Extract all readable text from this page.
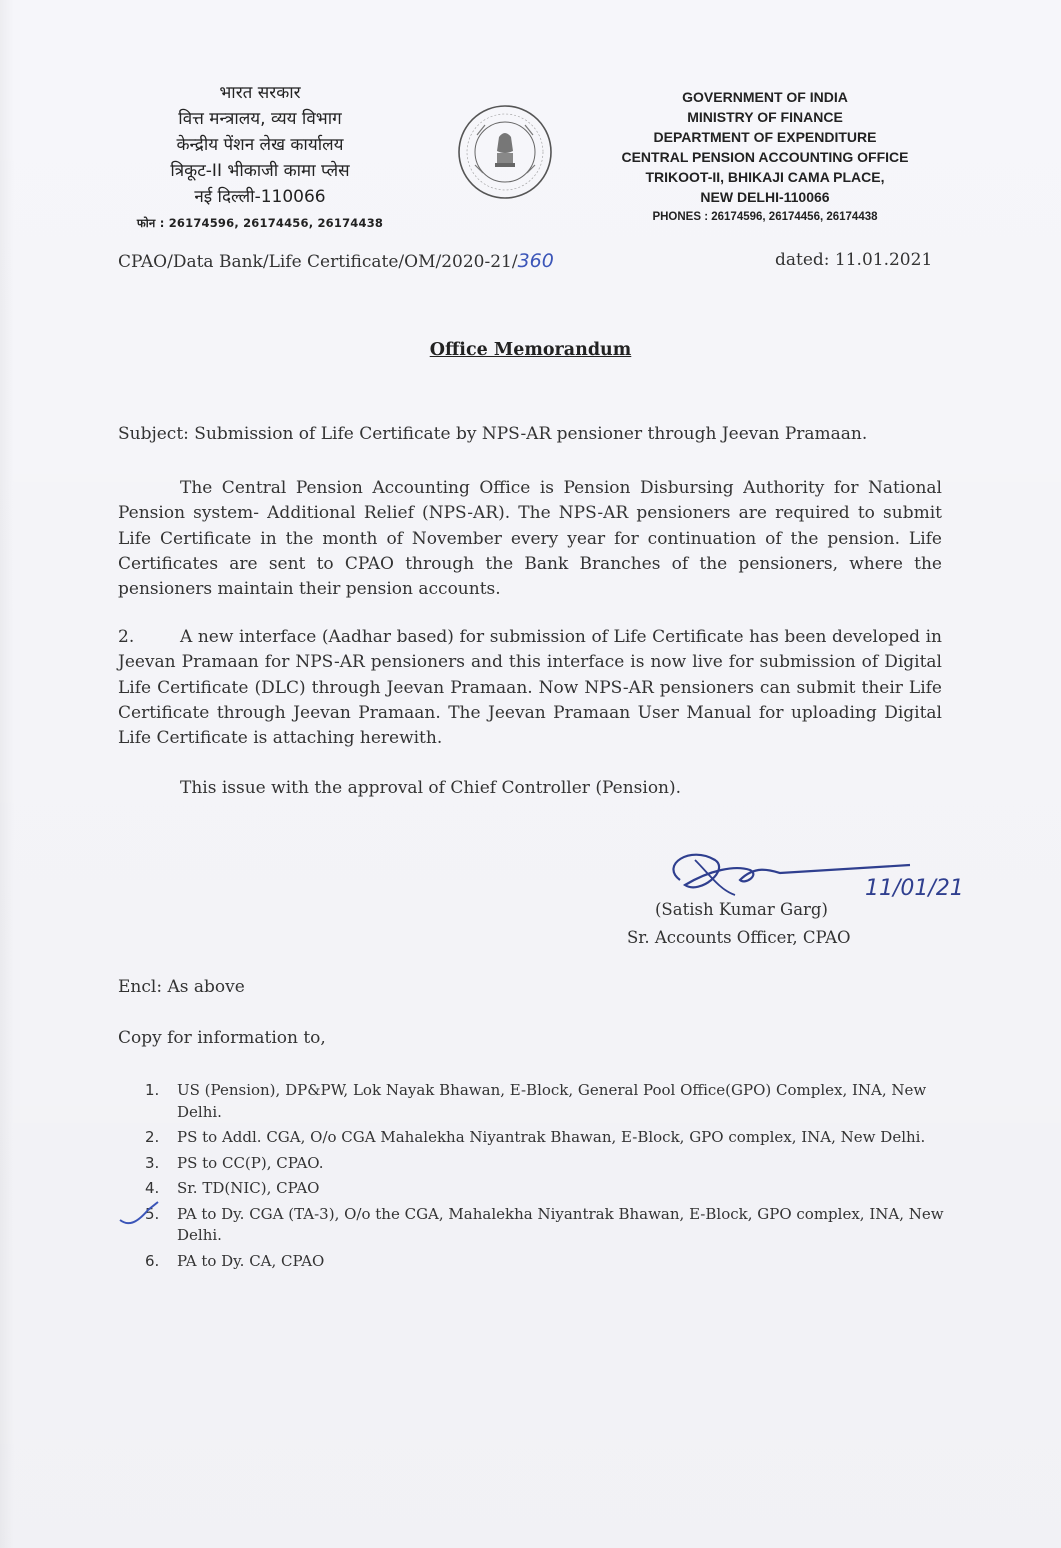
भारत सरकार
वित्त मन्त्रालय, व्यय विभाग
केन्द्रीय पेंशन लेख कार्यालय
त्रिकूट-II भीकाजी कामा प्लेस
नई दिल्ली-110066
फोन : 26174596, 26174456, 26174438
GOVERNMENT OF INDIA
MINISTRY OF FINANCE
DEPARTMENT OF EXPENDITURE
CENTRAL PENSION ACCOUNTING OFFICE
TRIKOOT-II, BHIKAJI CAMA PLACE,
NEW DELHI-110066
PHONES : 26174596, 26174456, 26174438
CPAO/Data Bank/Life Certificate/OM/2020-21/360	dated: 11.01.2021
Office Memorandum
Subject: Submission of Life Certificate by NPS-AR pensioner through Jeevan Pramaan.
The Central Pension Accounting Office is Pension Disbursing Authority for National Pension system- Additional Relief (NPS-AR). The NPS-AR pensioners are required to submit Life Certificate in the month of November every year for continuation of the pension. Life Certificates are sent to CPAO through the Bank Branches of the pensioners, where the pensioners maintain their pension accounts.
2.	A new interface (Aadhar based) for submission of Life Certificate has been developed in Jeevan Pramaan for NPS-AR pensioners and this interface is now live for submission of Digital Life Certificate (DLC) through Jeevan Pramaan. Now NPS-AR pensioners can submit their Life Certificate through Jeevan Pramaan. The Jeevan Pramaan User Manual for uploading Digital Life Certificate is attaching herewith.
This issue with the approval of Chief Controller (Pension).
11/01/21
(Satish Kumar Garg)
Sr. Accounts Officer, CPAO
Encl: As above
Copy for information to,
1. US (Pension), DP&PW, Lok Nayak Bhawan, E-Block, General Pool Office(GPO) Complex, INA, New Delhi.
2. PS to Addl. CGA, O/o CGA Mahalekha Niyantrak Bhawan, E-Block, GPO complex, INA, New Delhi.
3. PS to CC(P), CPAO.
4. Sr. TD(NIC), CPAO
5. PA to Dy. CGA (TA-3), O/o the CGA, Mahalekha Niyantrak Bhawan, E-Block, GPO complex, INA, New Delhi.
6. PA to Dy. CA, CPAO
